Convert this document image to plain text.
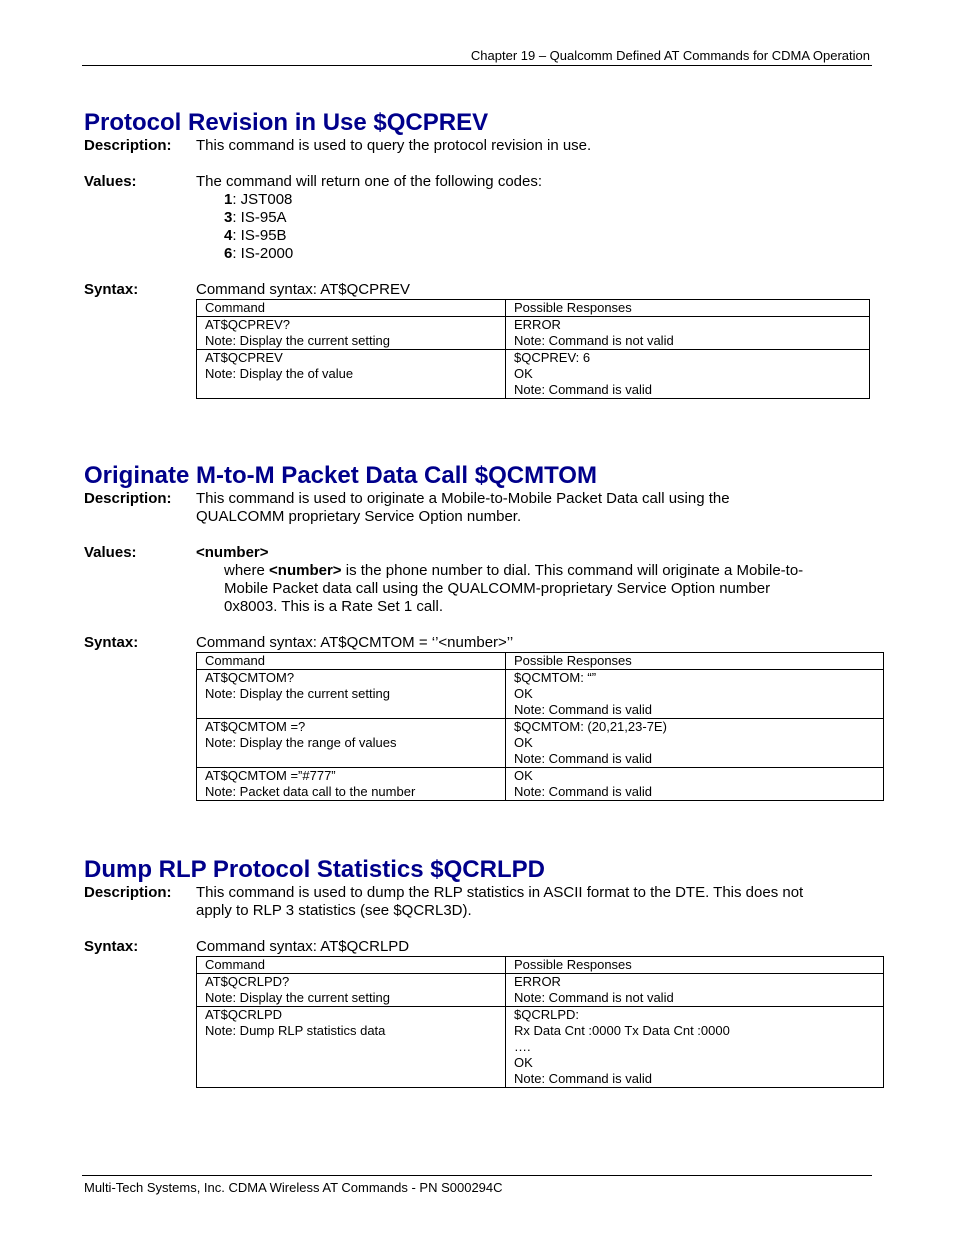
Chapter 19 – Qualcomm Defined AT Commands for CDMA Operation
Protocol Revision in Use $QCPREV
Description: This command is used to query the protocol revision in use.
Values:	The command will return one of the following codes:
1: JST008
3: IS-95A
4: IS-95B
6: IS-2000
Syntax:	Command syntax: AT$QCPREV
Command	Possible Responses

AT$QCPREV?
Note: Display the current setting	ERROR
Note: Command is not valid

AT$QCPREV
Note: Display the of value	$QCPREV: 6
OK
Note: Command is valid
Originate M-to-M Packet Data Call $QCMTOM
Description: This command is used to originate a Mobile-to-Mobile Packet Data call using the
QUALCOMM proprietary Service Option number.
Values:	<number>
where <number> is the phone number to dial. This command will originate a Mobile-to-
Mobile Packet data call using the QUALCOMM-proprietary Service Option number
0x8003. This is a Rate Set 1 call.
Syntax:	Command syntax: AT$QCMTOM = ‘’<number>’’
Command	Possible Responses

AT$QCMTOM?
Note: Display the current setting	$QCMTOM: “”
OK
Note: Command is valid

AT$QCMTOM =?
Note: Display the range of values	$QCMTOM: (20,21,23-7E)
OK
Note: Command is valid

AT$QCMTOM =”#777”
Note: Packet data call to the number	OK
Note: Command is valid
Dump RLP Protocol Statistics $QCRLPD
Description: This command is used to dump the RLP statistics in ASCII format to the DTE. This does not
apply to RLP 3 statistics (see $QCRL3D).
Syntax:	Command syntax: AT$QCRLPD
Command	Possible Responses

AT$QCRLPD?
Note: Display the current setting	ERROR
Note: Command is not valid

AT$QCRLPD
Note: Dump RLP statistics data	$QCRLPD:
Rx Data Cnt :0000 Tx Data Cnt :0000
….
OK
Note: Command is valid
Multi-Tech Systems, Inc. CDMA Wireless AT Commands - PN S000294C
